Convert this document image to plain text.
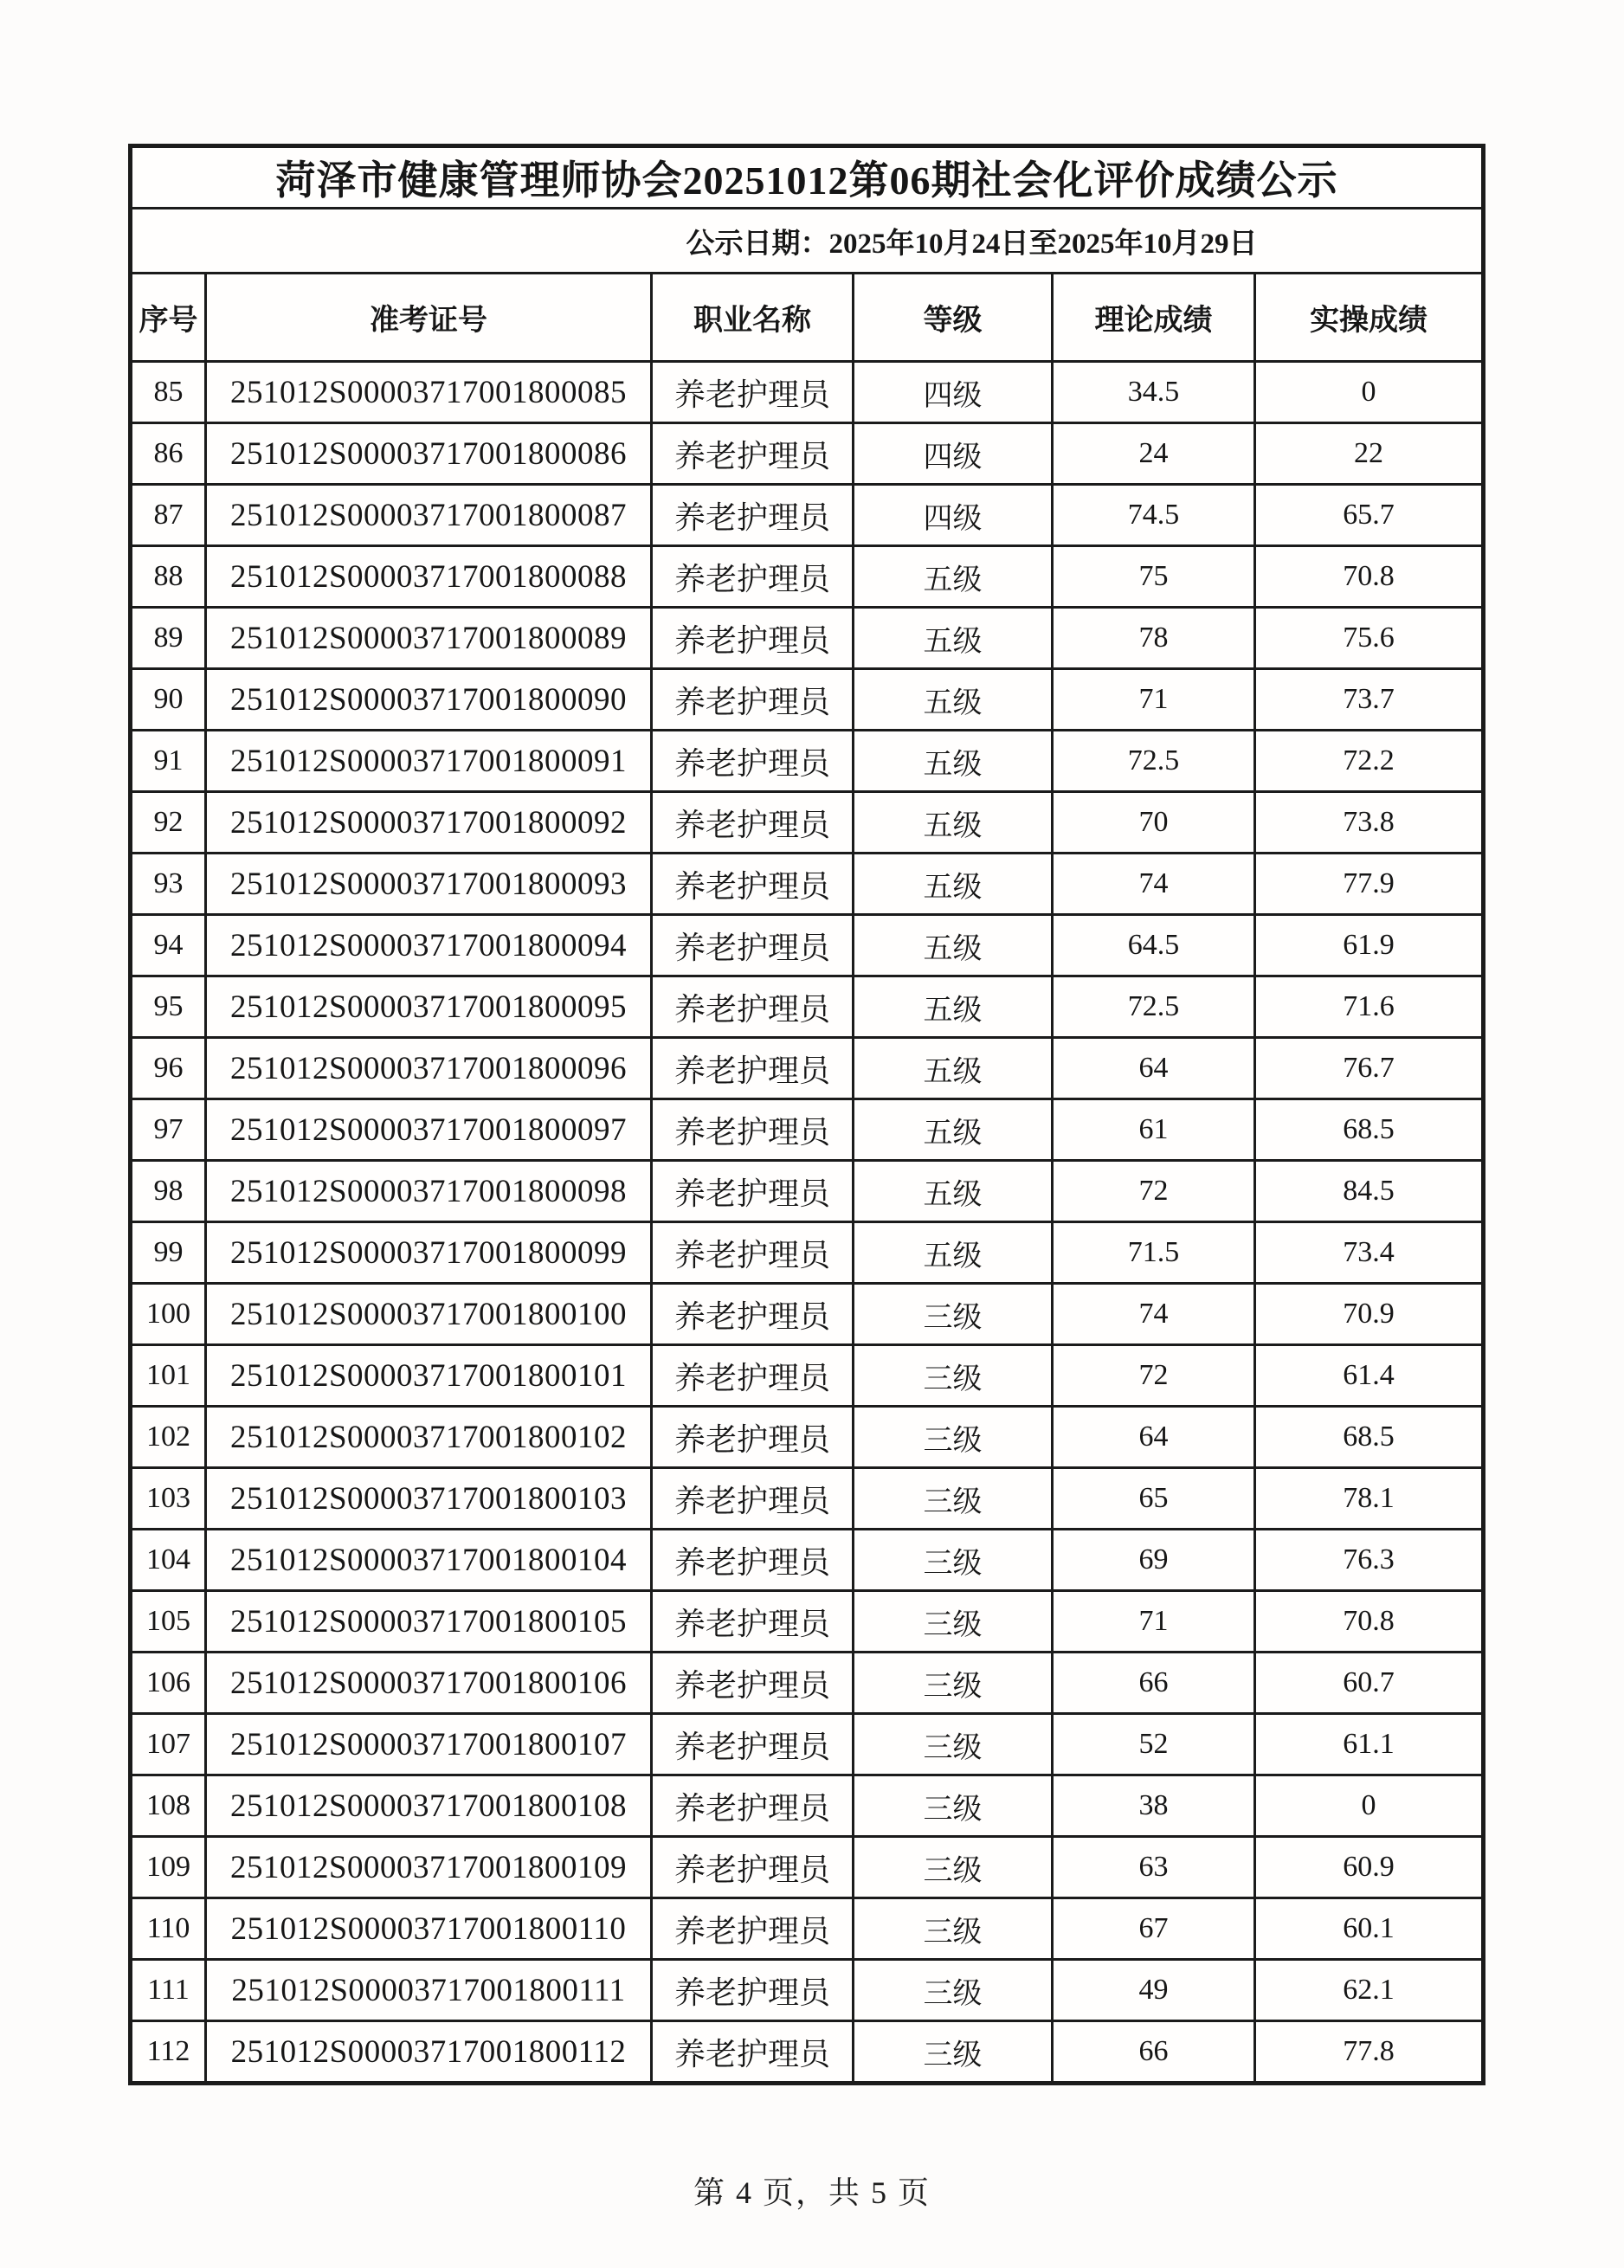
菏泽市健康管理师协会20251012第06期社会化评价成绩公示					
公示日期：2025年10月24日至2025年10月29日					
序号	准考证号	职业名称	等级	理论成绩	实操成绩
85	251012S00003717001800085	养老护理员	四级	34.5	0
86	251012S00003717001800086	养老护理员	四级	24	22
87	251012S00003717001800087	养老护理员	四级	74.5	65.7
88	251012S00003717001800088	养老护理员	五级	75	70.8
89	251012S00003717001800089	养老护理员	五级	78	75.6
90	251012S00003717001800090	养老护理员	五级	71	73.7
91	251012S00003717001800091	养老护理员	五级	72.5	72.2
92	251012S00003717001800092	养老护理员	五级	70	73.8
93	251012S00003717001800093	养老护理员	五级	74	77.9
94	251012S00003717001800094	养老护理员	五级	64.5	61.9
95	251012S00003717001800095	养老护理员	五级	72.5	71.6
96	251012S00003717001800096	养老护理员	五级	64	76.7
97	251012S00003717001800097	养老护理员	五级	61	68.5
98	251012S00003717001800098	养老护理员	五级	72	84.5
99	251012S00003717001800099	养老护理员	五级	71.5	73.4
100	251012S00003717001800100	养老护理员	三级	74	70.9
101	251012S00003717001800101	养老护理员	三级	72	61.4
102	251012S00003717001800102	养老护理员	三级	64	68.5
103	251012S00003717001800103	养老护理员	三级	65	78.1
104	251012S00003717001800104	养老护理员	三级	69	76.3
105	251012S00003717001800105	养老护理员	三级	71	70.8
106	251012S00003717001800106	养老护理员	三级	66	60.7
107	251012S00003717001800107	养老护理员	三级	52	61.1
108	251012S00003717001800108	养老护理员	三级	38	0
109	251012S00003717001800109	养老护理员	三级	63	60.9
110	251012S00003717001800110	养老护理员	三级	67	60.1
111	251012S00003717001800111	养老护理员	三级	49	62.1
112	251012S00003717001800112	养老护理员	三级	66	77.8
第 4 页，共 5 页
